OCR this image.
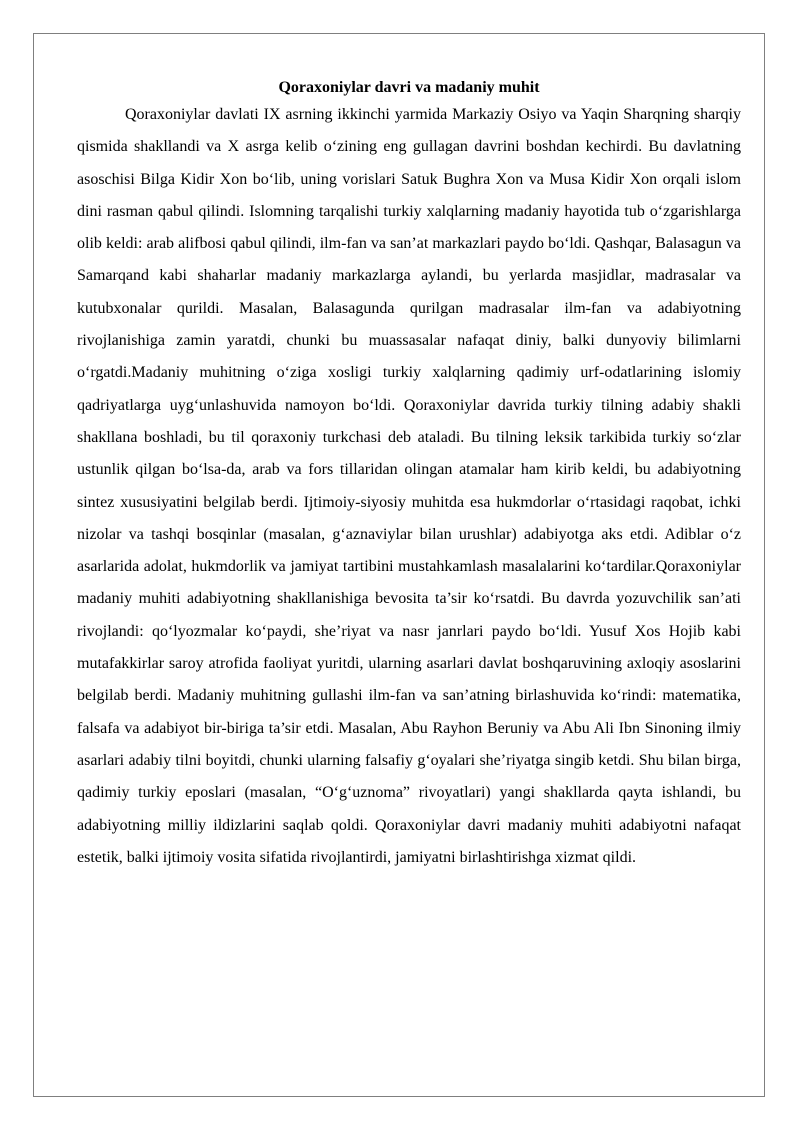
Qoraxoniylar davri va madaniy muhit

Qoraxoniylar davlati IX asrning ikkinchi yarmida Markaziy Osiyo va Yaqin Sharqning sharqiy qismida shakllandi va X asrga kelib o‘zining eng gullagan davrini boshdan kechirdi. Bu davlatning asoschisi Bilga Kidir Xon bo‘lib, uning vorislari Satuk Bughra Xon va Musa Kidir Xon orqali islom dini rasman qabul qilindi. Islomning tarqalishi turkiy xalqlarning madaniy hayotida tub o‘zgarishlarga olib keldi: arab alifbosi qabul qilindi, ilm-fan va san’at markazlari paydo bo‘ldi. Qashqar, Balasagun va Samarqand kabi shaharlar madaniy markazlarga aylandi, bu yerlarda masjidlar, madrasalar va kutubxonalar qurildi. Masalan, Balasagunda qurilgan madrasalar ilm-fan va adabiyotning rivojlanishiga zamin yaratdi, chunki bu muassasalar nafaqat diniy, balki dunyoviy bilimlarni o‘rgatdi.Madaniy muhitning o‘ziga xosligi turkiy xalqlarning qadimiy urf-odatlarining islomiy qadriyatlarga uyg‘unlashuvida namoyon bo‘ldi. Qoraxoniylar davrida turkiy tilning adabiy shakli shakllana boshladi, bu til qoraxoniy turkchasi deb ataladi. Bu tilning leksik tarkibida turkiy so‘zlar ustunlik qilgan bo‘lsa-da, arab va fors tillaridan olingan atamalar ham kirib keldi, bu adabiyotning sintez xususiyatini belgilab berdi. Ijtimoiy-siyosiy muhitda esa hukmdorlar o‘rtasidagi raqobat, ichki nizolar va tashqi bosqinlar (masalan, g‘aznaviylar bilan urushlar) adabiyotga aks etdi. Adiblar o‘z asarlarida adolat, hukmdorlik va jamiyat tartibini mustahkamlash masalalarini ko‘tardilar.Qoraxoniylar madaniy muhiti adabiyotning shakllanishiga bevosita ta’sir ko‘rsatdi. Bu davrda yozuvchilik san’ati rivojlandi: qo‘lyozmalar ko‘paydi, she’riyat va nasr janrlari paydo bo‘ldi. Yusuf Xos Hojib kabi mutafakkirlar saroy atrofida faoliyat yuritdi, ularning asarlari davlat boshqaruvining axloqiy asoslarini belgilab berdi. Madaniy muhitning gullashi ilm-fan va san’atning birlashuvida ko‘rindi: matematika, falsafa va adabiyot bir-biriga ta’sir etdi. Masalan, Abu Rayhon Beruniy va Abu Ali Ibn Sinoning ilmiy asarlari adabiy tilni boyitdi, chunki ularning falsafiy g‘oyalari she’riyatga singib ketdi. Shu bilan birga, qadimiy turkiy eposlari (masalan, “O‘g‘uznoma” rivoyatlari) yangi shakllarda qayta ishlandi, bu adabiyotning milliy ildizlarini saqlab qoldi. Qoraxoniylar davri madaniy muhiti adabiyotni nafaqat estetik, balki ijtimoiy vosita sifatida rivojlantirdi, jamiyatni birlashtirishga xizmat qildi.
